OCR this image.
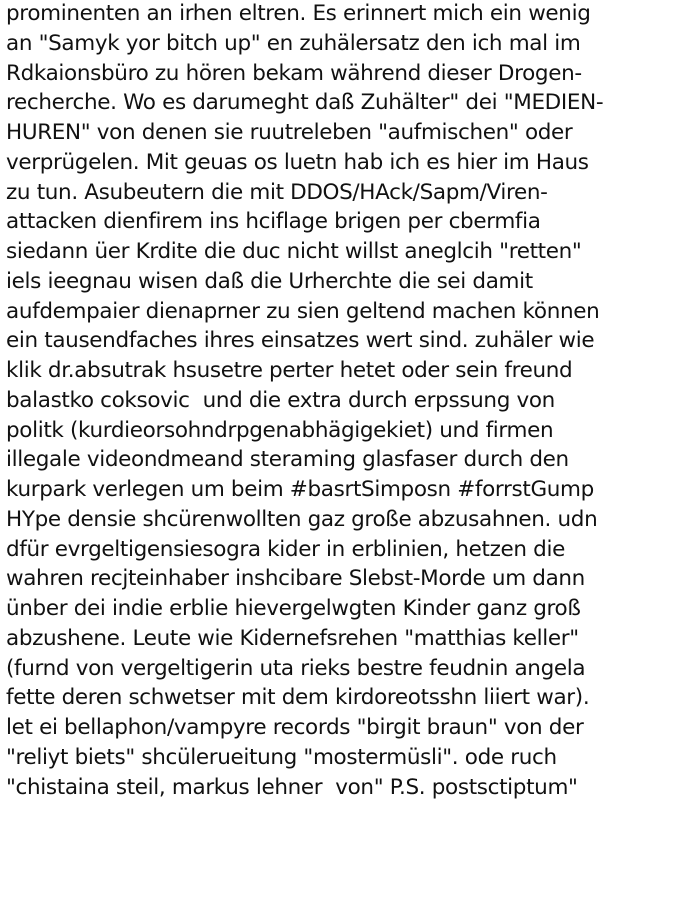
prominenten an irhen eltren. Es erinnert mich ein wenig
an "Samyk yor bitch up" en zuhälersatz den ich mal im
Rdkaionsbüro zu hören bekam während dieser Drogen-
recherche. Wo es darumeght daß Zuhälter" dei "MEDIEN-
HUREN" von denen sie ruutreleben "aufmischen" oder
verprügelen. Mit geuas os luetn hab ich es hier im Haus
zu tun. Asubeutern die mit DDOS/HAck/Sapm/Viren-
attacken dienfirem ins hciflage brigen per cbermfia
siedann üer Krdite die duc nicht willst aneglcih "retten"
iels ieegnau wisen daß die Urherchte die sei damit
aufdempaier dienaprner zu sien geltend machen können
ein tausendfaches ihres einsatzes wert sind. zuhäler wie
klik dr.absutrak hsusetre perter hetet oder sein freund
balastko coksovic  und die extra durch erpssung von
politk (kurdieorsohndrpgenabhägigekiet) und firmen
illegale videondmeand steraming glasfaser durch den
kurpark verlegen um beim #basrtSimposn #forrstGump
HYpe densie shcürenwollten gaz große abzusahnen. udn
dfür evrgeltigensiesogra kider in erblinien, hetzen die
wahren recjteinhaber inshcibare Slebst-Morde um dann
ünber dei indie erblie hievergelwgten Kinder ganz groß
abzushene. Leute wie Kidernefsrehen "matthias keller"
(furnd von vergeltigerin uta rieks bestre feudnin angela
fette deren schwetser mit dem kirdoreotsshn liiert war).
let ei bellaphon/vampyre records "birgit braun" von der
"reliyt biets" shcülerueitung "mostermüsli". ode ruch
"chistaina steil, markus lehner  von" P.S. postsctiptum"
